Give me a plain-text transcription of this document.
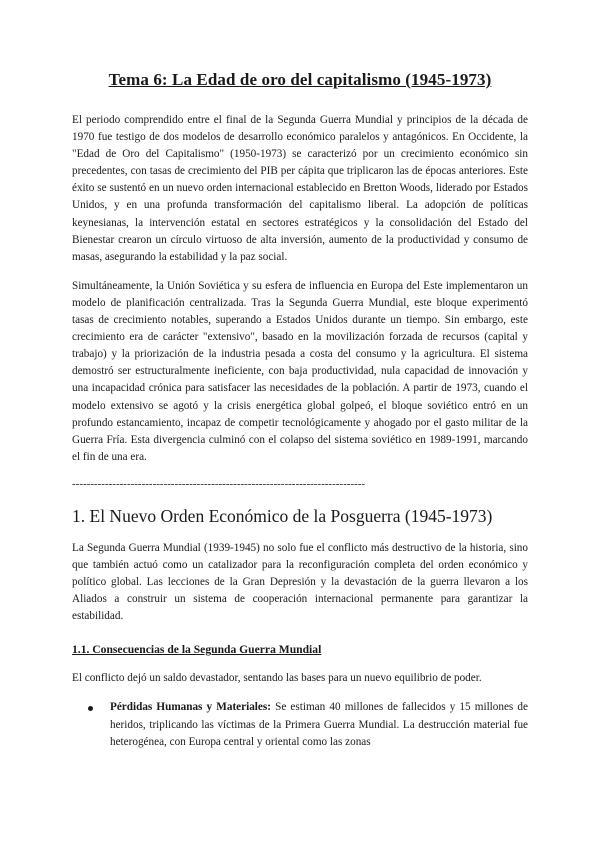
Tema 6: La Edad de oro del capitalismo (1945-1973)

El periodo comprendido entre el final de la Segunda Guerra Mundial y principios de la década de 1970 fue testigo de dos modelos de desarrollo económico paralelos y antagónicos. En Occidente, la "Edad de Oro del Capitalismo" (1950-1973) se caracterizó por un crecimiento económico sin precedentes, con tasas de crecimiento del PIB per cápita que triplicaron las de épocas anteriores. Este éxito se sustentó en un nuevo orden internacional establecido en Bretton Woods, liderado por Estados Unidos, y en una profunda transformación del capitalismo liberal. La adopción de políticas keynesianas, la intervención estatal en sectores estratégicos y la consolidación del Estado del Bienestar crearon un círculo virtuoso de alta inversión, aumento de la productividad y consumo de masas, asegurando la estabilidad y la paz social.

Simultáneamente, la Unión Soviética y su esfera de influencia en Europa del Este implementaron un modelo de planificación centralizada. Tras la Segunda Guerra Mundial, este bloque experimentó tasas de crecimiento notables, superando a Estados Unidos durante un tiempo. Sin embargo, este crecimiento era de carácter "extensivo", basado en la movilización forzada de recursos (capital y trabajo) y la priorización de la industria pesada a costa del consumo y la agricultura. El sistema demostró ser estructuralmente ineficiente, con baja productividad, nula capacidad de innovación y una incapacidad crónica para satisfacer las necesidades de la población. A partir de 1973, cuando el modelo extensivo se agotó y la crisis energética global golpeó, el bloque soviético entró en un profundo estancamiento, incapaz de competir tecnológicamente y ahogado por el gasto militar de la Guerra Fría. Esta divergencia culminó con el colapso del sistema soviético en 1989-1991, marcando el fin de una era.

--------------------------------------------------------------------------------
1. El Nuevo Orden Económico de la Posguerra (1945-1973)

La Segunda Guerra Mundial (1939-1945) no solo fue el conflicto más destructivo de la historia, sino que también actuó como un catalizador para la reconfiguración completa del orden económico y político global. Las lecciones de la Gran Depresión y la devastación de la guerra llevaron a los Aliados a construir un sistema de cooperación internacional permanente para garantizar la estabilidad.

1.1. Consecuencias de la Segunda Guerra Mundial

El conflicto dejó un saldo devastador, sentando las bases para un nuevo equilibrio de poder.

Pérdidas Humanas y Materiales: Se estiman 40 millones de fallecidos y 15 millones de heridos, triplicando las víctimas de la Primera Guerra Mundial. La destrucción material fue heterogénea, con Europa central y oriental como las zonas
